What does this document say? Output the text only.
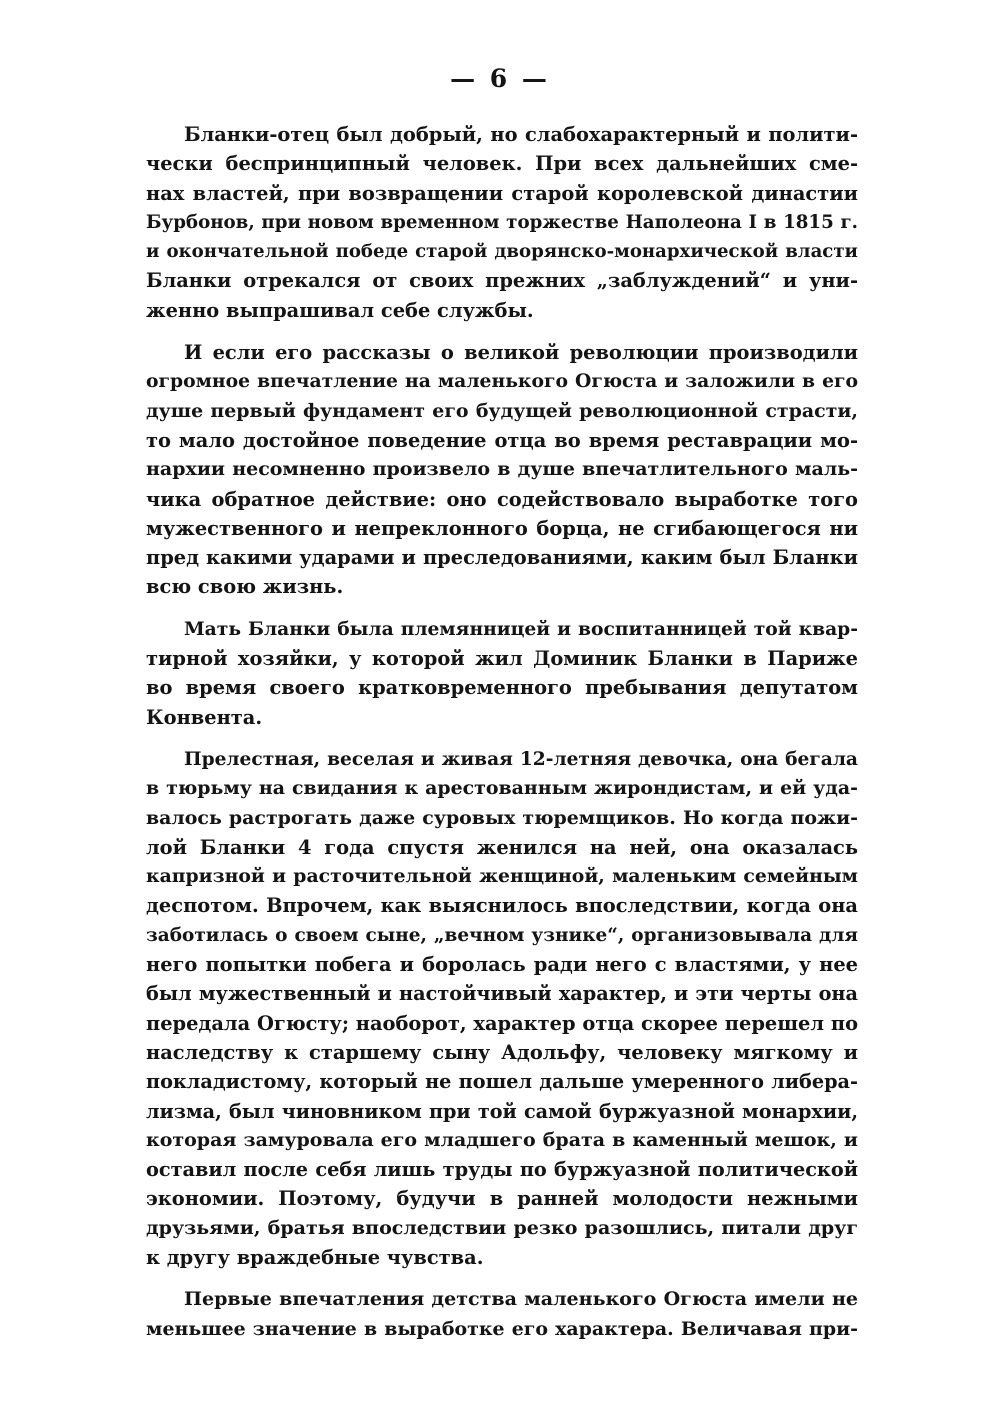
— 6 —
Бланки-отец был добрый, но слабохарактерный и полити-
чески беспринципный человек. При всех дальнейших сме-
нах властей, при возвращении старой королевской династии
Бурбонов, при новом временном торжестве Наполеона I в 1815 г.
и окончательной победе старой дворянско-монархической власти
Бланки отрекался от своих прежних „заблуждений“ и уни-
женно выпрашивал себе службы.
И если его рассказы о великой революции производили
огромное впечатление на маленького Огюста и заложили в его
душе первый фундамент его будущей революционной страсти,
то мало достойное поведение отца во время реставрации мо-
нархии несомненно произвело в душе впечатлительного маль-
чика обратное действие: оно содействовало выработке того
мужественного и непреклонного борца, не сгибающегося ни
пред какими ударами и преследованиями, каким был Бланки
всю свою жизнь.
Мать Бланки была племянницей и воспитанницей той квар-
тирной хозяйки, у которой жил Доминик Бланки в Париже
во время своего кратковременного пребывания депутатом
Конвента.
Прелестная, веселая и живая 12-летняя девочка, она бегала
в тюрьму на свидания к арестованным жирондистам, и ей уда-
валось растрогать даже суровых тюремщиков. Но когда пожи-
лой Бланки 4 года спустя женился на ней, она оказалась
капризной и расточительной женщиной, маленьким семейным
деспотом. Впрочем, как выяснилось впоследствии, когда она
заботилась о своем сыне, „вечном узнике“, организовывала для
него попытки побега и боролась ради него с властями, у нее
был мужественный и настойчивый характер, и эти черты она
передала Огюсту; наоборот, характер отца скорее перешел по
наследству к старшему сыну Адольфу, человеку мягкому и
покладистому, который не пошел дальше умеренного либера-
лизма, был чиновником при той самой буржуазной монархии,
которая замуровала его младшего брата в каменный мешок, и
оставил после себя лишь труды по буржуазной политической
экономии. Поэтому, будучи в ранней молодости нежными
друзьями, братья впоследствии резко разошлись, питали друг
к другу враждебные чувства.
Первые впечатления детства маленького Огюста имели не
меньшее значение в выработке его характера. Величавая при-
